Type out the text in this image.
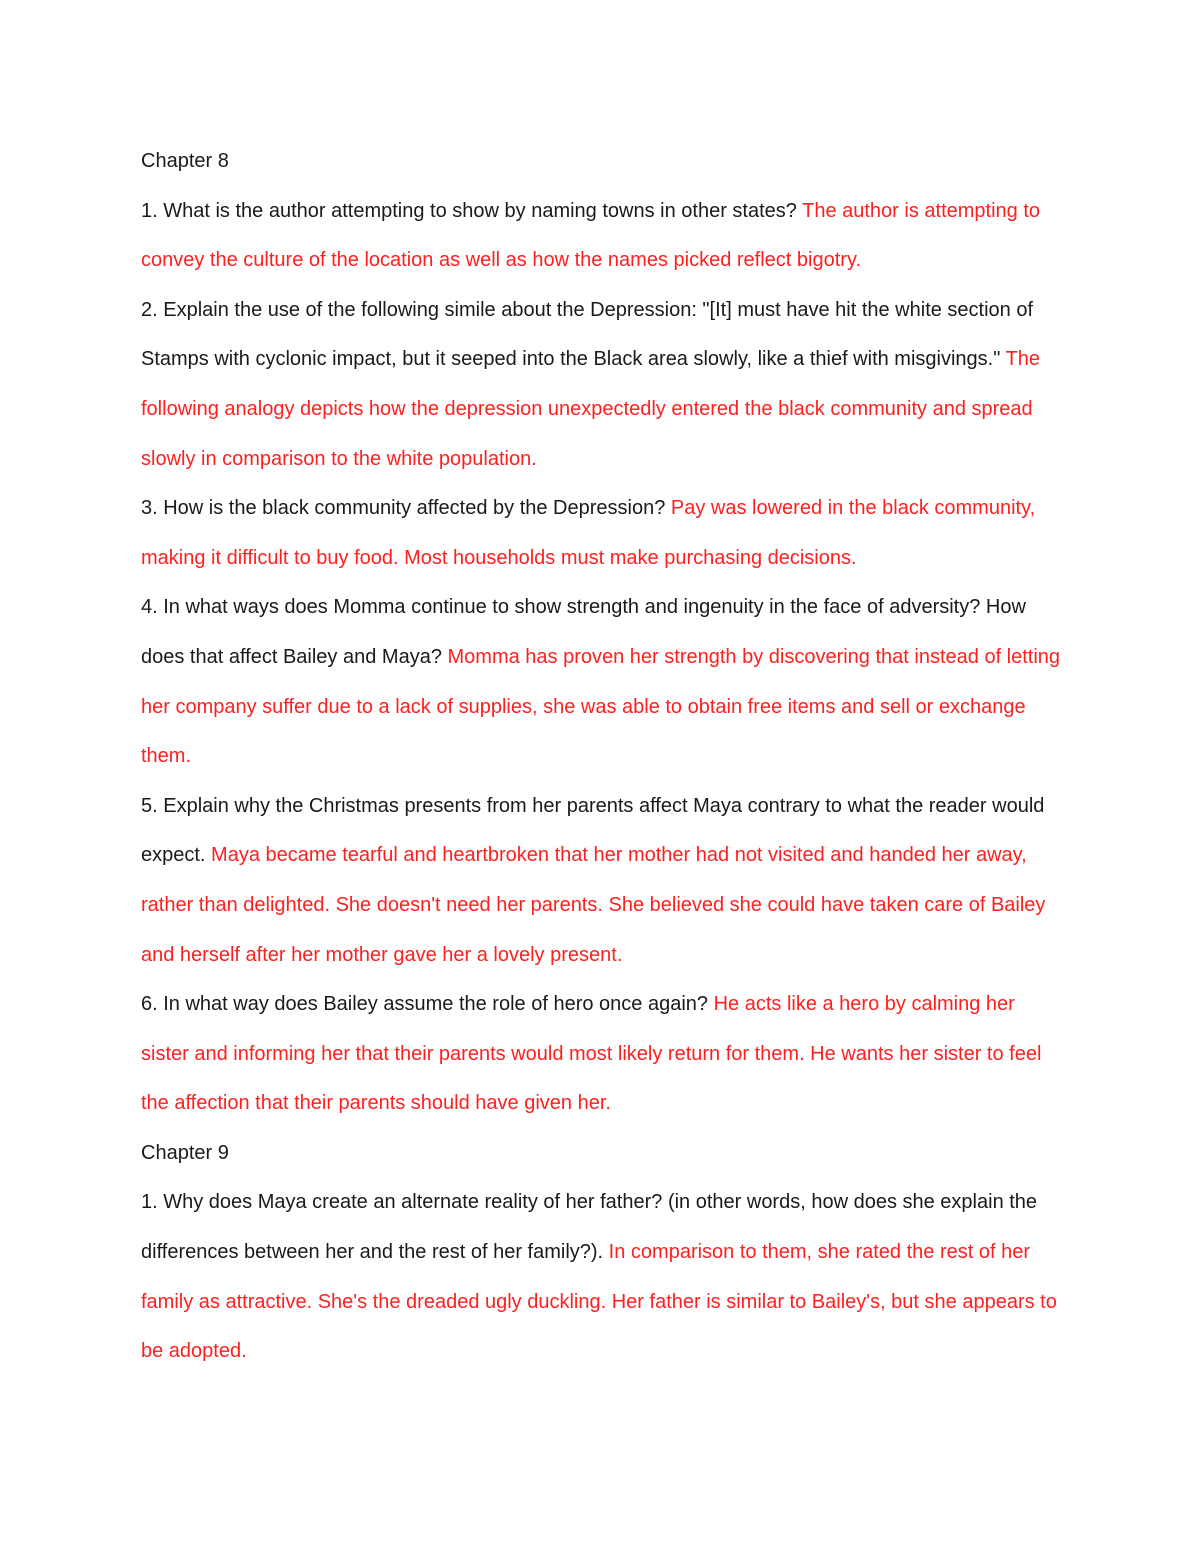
Chapter 8

1. What is the author attempting to show by naming towns in other states? The author is attempting to convey the culture of the location as well as how the names picked reflect bigotry.

2. Explain the use of the following simile about the Depression: "[It] must have hit the white section of Stamps with cyclonic impact, but it seeped into the Black area slowly, like a thief with misgivings." The following analogy depicts how the depression unexpectedly entered the black community and spread slowly in comparison to the white population.

3. How is the black community affected by the Depression? Pay was lowered in the black community, making it difficult to buy food. Most households must make purchasing decisions.

4. In what ways does Momma continue to show strength and ingenuity in the face of adversity? How does that affect Bailey and Maya? Momma has proven her strength by discovering that instead of letting her company suffer due to a lack of supplies, she was able to obtain free items and sell or exchange them.

5. Explain why the Christmas presents from her parents affect Maya contrary to what the reader would expect. Maya became tearful and heartbroken that her mother had not visited and handed her away, rather than delighted. She doesn't need her parents. She believed she could have taken care of Bailey and herself after her mother gave her a lovely present.

6. In what way does Bailey assume the role of hero once again? He acts like a hero by calming her sister and informing her that their parents would most likely return for them. He wants her sister to feel the affection that their parents should have given her.

Chapter 9

1. Why does Maya create an alternate reality of her father? (in other words, how does she explain the differences between her and the rest of her family?). In comparison to them, she rated the rest of her family as attractive. She's the dreaded ugly duckling. Her father is similar to Bailey's, but she appears to be adopted.
